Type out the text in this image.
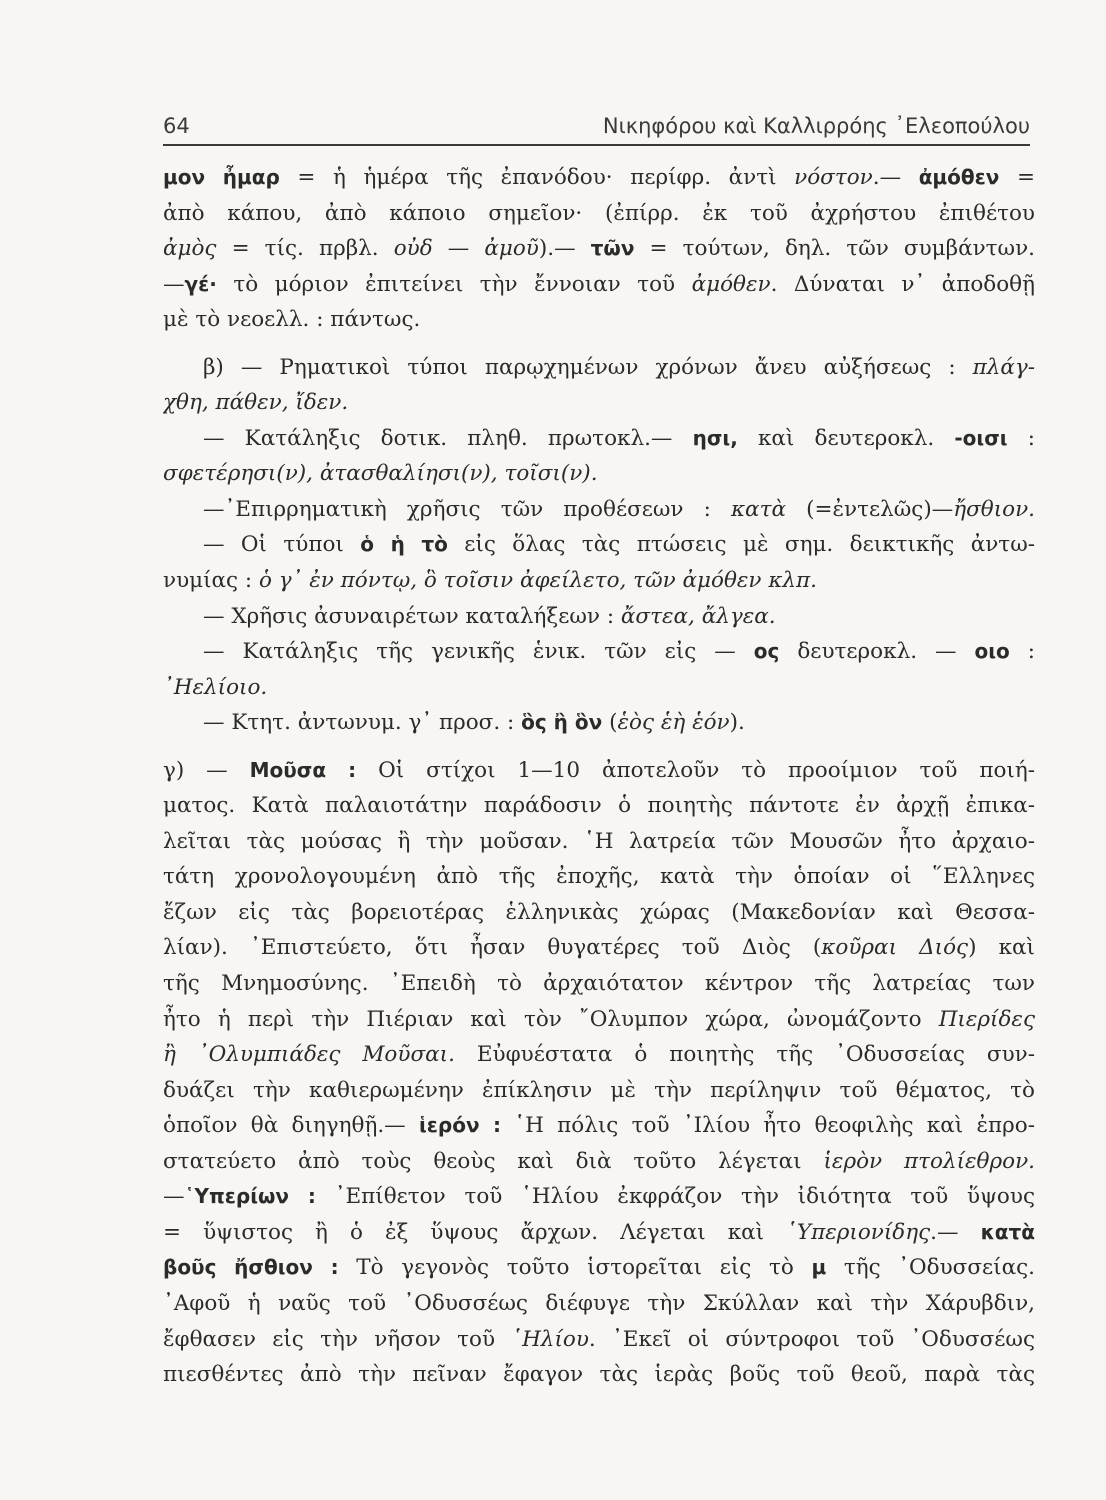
64	Νικηφόρου καὶ Καλλιρρόης ᾿Ελεοπούλου
μον ἦμαρ = ἡ ἡμέρα τῆς ἐπανόδου· περίφρ. ἀντὶ νόστον.— ἀμόθεν =
ἀπὸ κάπου, ἀπὸ κάποιο σημεῖον· (ἐπίρρ. ἐκ τοῦ ἀχρήστου ἐπιθέτου
ἀμὸς = τίς. πρβλ. οὐδ — ἀμοῦ).— τῶν = τούτων, δηλ. τῶν συμβάντων.
—γέ· τὸ μόριον ἐπιτείνει τὴν ἔννοιαν τοῦ ἀμόθεν. Δύναται ν᾿ ἀποδοθῇ
μὲ τὸ νεοελλ. : πάντως.
β) — Ρηματικοὶ τύποι παρῳχημένων χρόνων ἄνευ αὐξήσεως : πλάγ-
χθη, πάθεν, ἴδεν.
— Κατάληξις δοτικ. πληθ. πρωτοκλ.— ησι, καὶ δευτεροκλ. -οισι :
σφετέρησι(ν), ἀτασθαλίησι(ν), τοῖσι(ν).
—᾿Επιρρηματικὴ χρῆσις τῶν προθέσεων : κατὰ (=ἐντελῶς)—ἤσθιον.
— Οἱ τύποι ὁ ἡ τὸ εἰς ὅλας τὰς πτώσεις μὲ σημ. δεικτικῆς ἀντω-
νυμίας : ὁ γ᾿ ἐν πόντῳ, ὃ τοῖσιν ἀφείλετο, τῶν ἀμόθεν κλπ.
— Χρῆσις ἀσυναιρέτων καταλήξεων : ἄστεα, ἄλγεα.
— Κατάληξις τῆς γενικῆς ἑνικ. τῶν εἰς — ος δευτεροκλ. — οιο :
᾿Ηελίοιο.
— Κτητ. ἀντωνυμ. γ᾿ προσ. : ὃς ἢ ὃν (ἑὸς ἑὴ ἑόν).
γ) — Μοῦσα : Οἱ στίχοι 1—10 ἀποτελοῦν τὸ προοίμιον τοῦ ποιή-
ματος. Κατὰ παλαιοτάτην παράδοσιν ὁ ποιητὴς πάντοτε ἐν ἀρχῇ ἐπικα-
λεῖται τὰς μούσας ἢ τὴν μοῦσαν. ῾Η λατρεία τῶν Μουσῶν ἦτο ἀρχαιο-
τάτη χρονολογουμένη ἀπὸ τῆς ἐποχῆς, κατὰ τὴν ὁποίαν οἱ ῞Ελληνες
ἔζων εἰς τὰς βορειοτέρας ἑλληνικὰς χώρας (Μακεδονίαν καὶ Θεσσα-
λίαν). ᾿Επιστεύετο, ὅτι ἦσαν θυγατέρες τοῦ Διὸς (κοῦραι Διός) καὶ
τῆς Μνημοσύνης. ᾿Επειδὴ τὸ ἀρχαιότατον κέντρον τῆς λατρείας των
ἦτο ἡ περὶ τὴν Πιέριαν καὶ τὸν ῎Ολυμπον χώρα, ὠνομάζοντο Πιερίδες
ἢ ᾿Ολυμπιάδες Μοῦσαι. Εὐφυέστατα ὁ ποιητὴς τῆς ᾿Οδυσσείας συν-
δυάζει τὴν καθιερωμένην ἐπίκλησιν μὲ τὴν περίληψιν τοῦ θέματος, τὸ
ὁποῖον θὰ διηγηθῇ.— ἱερόν : ῾Η πόλις τοῦ ᾿Ιλίου ἦτο θεοφιλὴς καὶ ἐπρο-
στατεύετο ἀπὸ τοὺς θεοὺς καὶ διὰ τοῦτο λέγεται ἱερὸν πτολίεθρον.
—῾Υπερίων : ᾿Επίθετον τοῦ ῾Ηλίου ἐκφράζον τὴν ἰδιότητα τοῦ ὕψους
= ὕψιστος ἢ ὁ ἐξ ὕψους ἄρχων. Λέγεται καὶ ῾Υπεριονίδης.— κατὰ
βοῦς ἤσθιον : Τὸ γεγονὸς τοῦτο ἱστορεῖται εἰς τὸ μ τῆς ᾿Οδυσσείας.
᾿Αφοῦ ἡ ναῦς τοῦ ᾿Οδυσσέως διέφυγε τὴν Σκύλλαν καὶ τὴν Χάρυβδιν,
ἔφθασεν εἰς τὴν νῆσον τοῦ ῾Ηλίου. ᾿Εκεῖ οἱ σύντροφοι τοῦ ᾿Οδυσσέως
πιεσθέντες ἀπὸ τὴν πεῖναν ἔφαγον τὰς ἱερὰς βοῦς τοῦ θεοῦ, παρὰ τὰς
